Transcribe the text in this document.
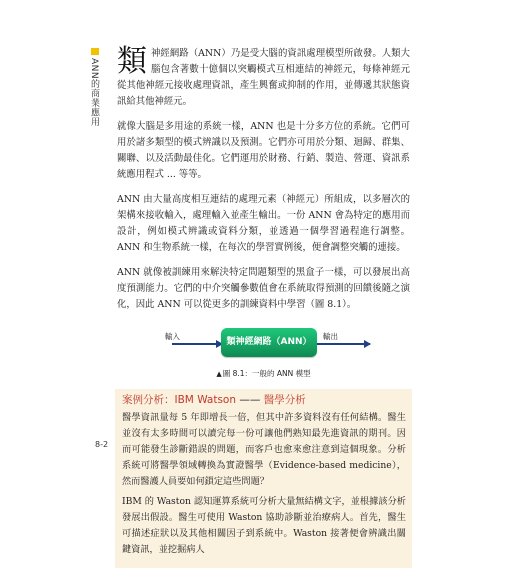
ANN的商業應用 類神經網路（ANN）乃是受大腦的資訊處理模型所啟發。人類大腦包含著數十億個以突觸模式互相連結的神經元，每條神經元從其他神經元接收處理資訊，產生興奮或抑制的作用，並傳遞其狀態資訊給其他神經元。

就像大腦是多用途的系統一樣，ANN 也是十分多方位的系統。它們可用於諸多類型的模式辨識以及預測。它們亦可用於分類、迴歸、群集、關聯、以及活動最佳化。它們運用於財務、行銷、製造、營運、資訊系統應用程式 ... 等等。

ANN 由大量高度相互連結的處理元素（神經元）所組成，以多層次的架構來接收輸入，處理輸入並產生輸出。一份 ANN 會為特定的應用而設計，例如模式辨識或資料分類，並透過一個學習過程進行調整。ANN 和生物系統一樣，在每次的學習實例後，便會調整突觸的連接。

ANN 就像被訓練用來解決特定問題類型的黑盒子一樣，可以發展出高度預測能力。它們的中介突觸參數值會在系統取得預測的回饋後隨之演化，因此 ANN 可以從更多的訓練資料中學習（圖 8.1）。

輸入
類神經網路（ANN）
輸出
▲圖 8.1：一般的 ANN 模型
案例分析：IBM Watson —— 醫學分析

醫學資訊量每 5 年即增長一倍，但其中許多資料沒有任何結構。醫生並沒有太多時間可以讀完每一份可讓他們熟知最先進資訊的期刊。因而可能發生診斷錯誤的問題，而客戶也愈來愈注意到這個現象。分析系統可將醫學領域轉換為實證醫學（Evidence-based medicine），然而醫護人員要如何鎖定這些問題？

IBM 的 Waston 認知運算系統可分析大量無結構文字，並根據該分析發展出假設。醫生可使用 Waston 協助診斷並治療病人。首先，醫生可描述症狀以及其他相關因子到系統中。Waston 接著便會辨識出關鍵資訊，並挖掘病人

8-2
